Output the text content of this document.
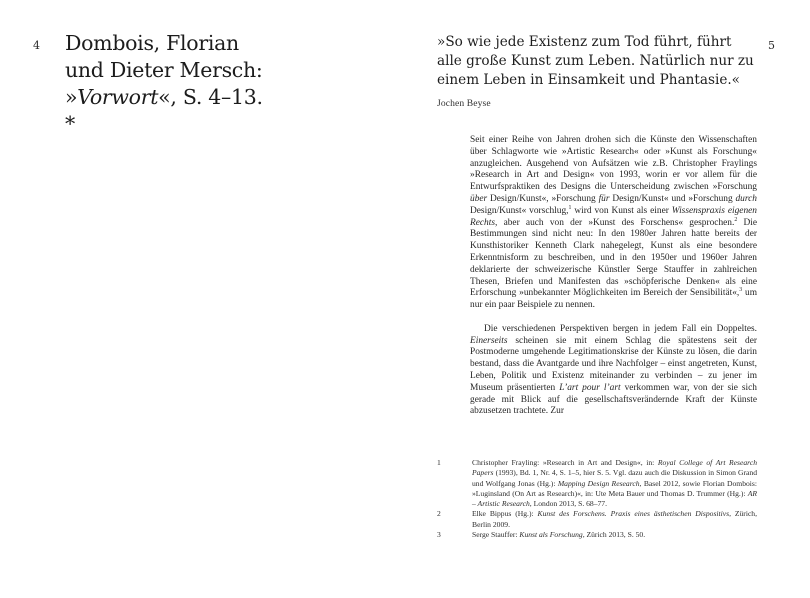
4 Dombois, Florian
und Dieter Mersch:
»Vorwort«, S. 4–13.
*
5
»So wie jede Existenz zum Tod führt, führt
alle große Kunst zum Leben. Natürlich nur zu
einem Leben in Einsamkeit und Phantasie.«
Jochen Beyse

Seit einer Reihe von Jahren drohen sich die Künste den Wissenschaften über Schlagworte wie »Artistic Research« oder »Kunst als Forschung« anzugleichen. Ausgehend von Aufsätzen wie z.B. Christopher Fraylings »Research in Art and Design« von 1993, worin er vor allem für die Entwurfspraktiken des Designs die Unterscheidung zwischen »Forschung über Design/Kunst«, »Forschung für Design/Kunst« und »Forschung durch Design/Kunst« vorschlug,$^1$ wird von Kunst als einer Wissenspraxis eigenen Rechts, aber auch von der »Kunst des Forschens« gesprochen.$^2$ Die Bestimmungen sind nicht neu: In den 1980er Jahren hatte bereits der Kunsthistoriker Kenneth Clark nahegelegt, Kunst als eine besondere Erkenntnisform zu beschreiben, und in den 1950er und 1960er Jahren deklarierte der schweizerische Künstler Serge Stauffer in zahlreichen Thesen, Briefen und Manifesten das »schöpferische Denken« als eine Erforschung »unbekannter Möglichkeiten im Bereich der Sensibilität«,$^3$ um nur ein paar Beispiele zu nennen.

Die verschiedenen Perspektiven bergen in jedem Fall ein Doppeltes. Einerseits scheinen sie mit einem Schlag die spätestens seit der Postmoderne umgehende Legitimationskrise der Künste zu lösen, die darin bestand, dass die Avantgarde und ihre Nachfolger – einst angetreten, Kunst, Leben, Politik und Existenz miteinander zu verbinden – zu jener im Museum präsentierten L’art pour l’art verkommen war, von der sie sich gerade mit Blick auf die gesellschaftsverändernde Kraft der Künste abzusetzen trachtete. Zur

1	Christopher Frayling: »Research in Art and Design«, in: Royal College of Art Research Papers (1993), Bd. 1, Nr. 4, S. 1–5, hier S. 5. Vgl. dazu auch die Diskussion in Simon Grand und Wolfgang Jonas (Hg.): Mapping Design Research, Basel 2012, sowie Florian Dombois: »Luginsland (On Art as Research)«, in: Ute Meta Bauer und Thomas D. Trummer (Hg.): AR – Artistic Research, London 2013, S. 68–77.
2	Elke Bippus (Hg.): Kunst des Forschens. Praxis eines ästhetischen Dispositivs, Zürich, Berlin 2009.
3	Serge Stauffer: Kunst als Forschung, Zürich 2013, S. 50.
